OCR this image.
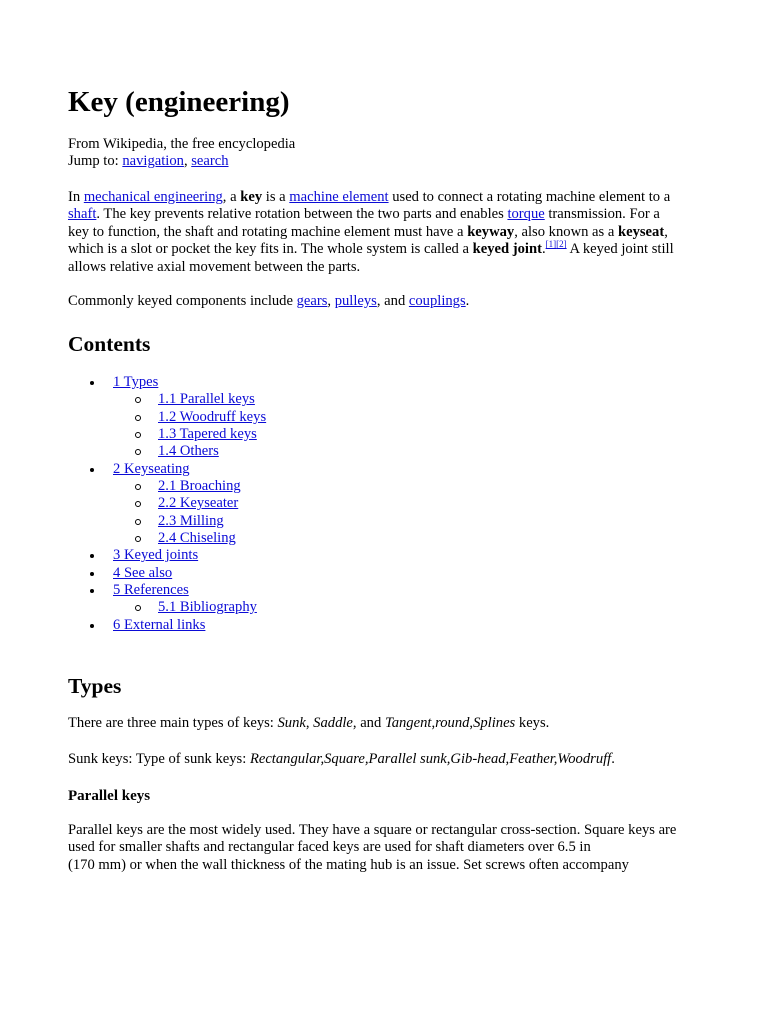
Key (engineering)

From Wikipedia, the free encyclopedia
Jump to: navigation, search

In mechanical engineering, a key is a machine element used to connect a rotating machine element to a shaft. The key prevents relative rotation between the two parts and enables torque transmission. For a key to function, the shaft and rotating machine element must have a keyway, also known as a keyseat, which is a slot or pocket the key fits in. The whole system is called a keyed joint.[1][2] A keyed joint still allows relative axial movement between the parts.

Commonly keyed components include gears, pulleys, and couplings.

Contents
1 Types
1.1 Parallel keys
1.2 Woodruff keys
1.3 Tapered keys
1.4 Others
2 Keyseating
2.1 Broaching
2.2 Keyseater
2.3 Milling
2.4 Chiseling
3 Keyed joints
4 See also
5 References
5.1 Bibliography
6 External links
Types

There are three main types of keys: Sunk, Saddle, and Tangent,round,Splines keys.

Sunk keys: Type of sunk keys: Rectangular,Square,Parallel sunk,Gib-head,Feather,Woodruff.

Parallel keys

Parallel keys are the most widely used. They have a square or rectangular cross-section. Square keys are used for smaller shafts and rectangular faced keys are used for shaft diameters over 6.5 in
(170 mm) or when the wall thickness of the mating hub is an issue. Set screws often accompany
